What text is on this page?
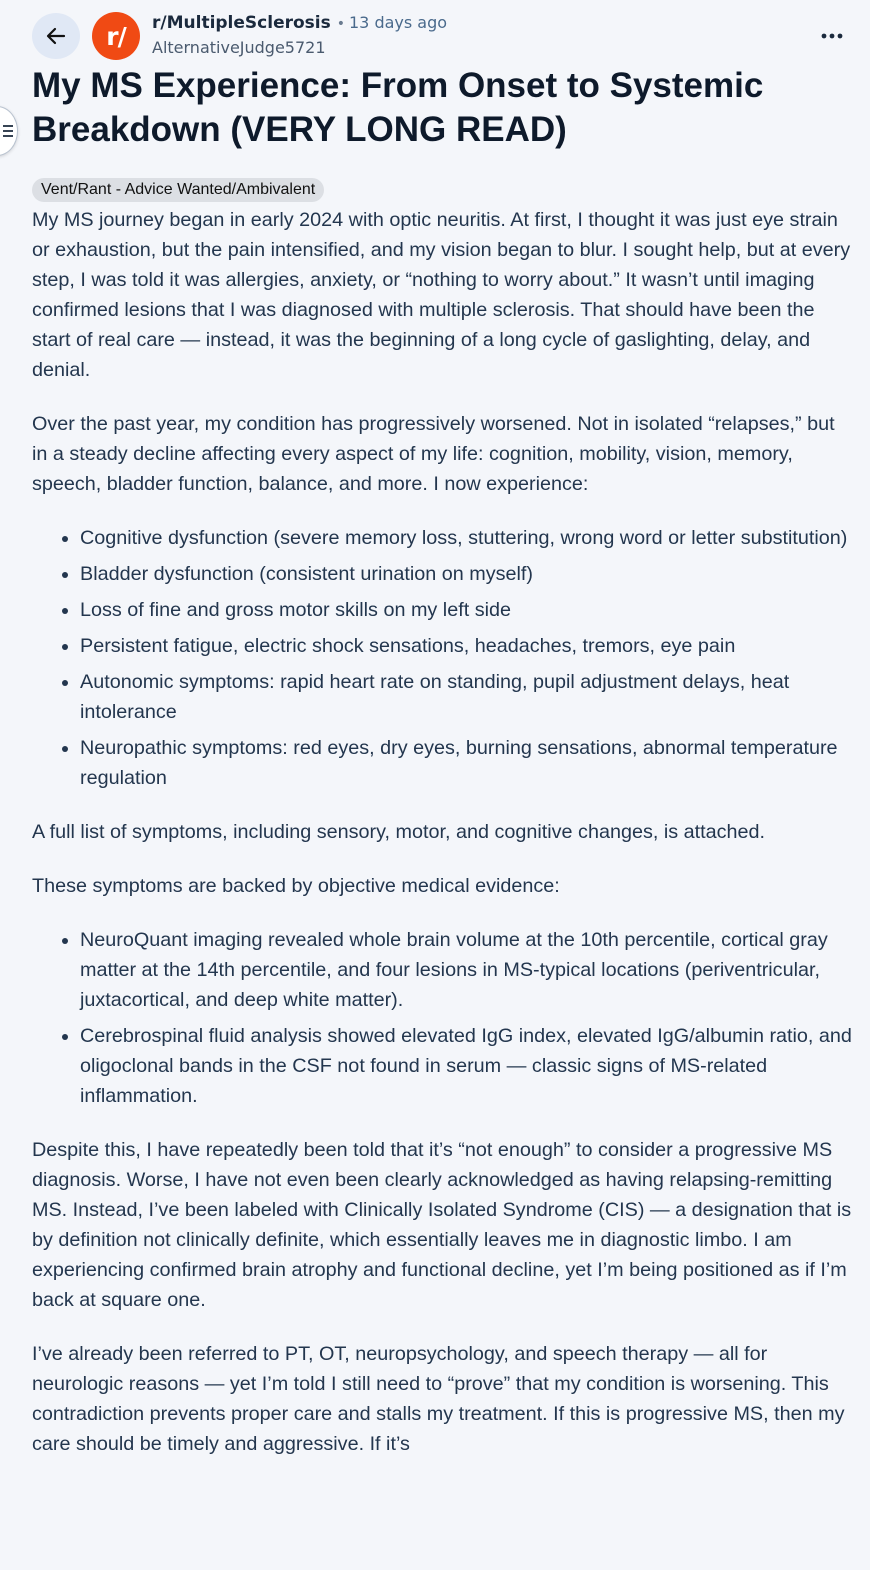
r/ r/MultipleSclerosis • 13 days ago
AlternativeJudge5721
My MS Experience: From Onset to Systemic Breakdown (VERY LONG READ)
Vent/Rant - Advice Wanted/Ambivalent

My MS journey began in early 2024 with optic neuritis. At first, I thought it was just eye strain or exhaustion, but the pain intensified, and my vision began to blur. I sought help, but at every step, I was told it was allergies, anxiety, or “nothing to worry about.” It wasn’t until imaging confirmed lesions that I was diagnosed with multiple sclerosis. That should have been the start of real care — instead, it was the beginning of a long cycle of gaslighting, delay, and denial.

Over the past year, my condition has progressively worsened. Not in isolated “relapses,” but in a steady decline affecting every aspect of my life: cognition, mobility, vision, memory, speech, bladder function, balance, and more. I now experience:

• Cognitive dysfunction (severe memory loss, stuttering, wrong word or letter substitution)
• Bladder dysfunction (consistent urination on myself)
• Loss of fine and gross motor skills on my left side
• Persistent fatigue, electric shock sensations, headaches, tremors, eye pain
• Autonomic symptoms: rapid heart rate on standing, pupil adjustment delays, heat intolerance
• Neuropathic symptoms: red eyes, dry eyes, burning sensations, abnormal temperature regulation

A full list of symptoms, including sensory, motor, and cognitive changes, is attached.

These symptoms are backed by objective medical evidence:

• NeuroQuant imaging revealed whole brain volume at the 10th percentile, cortical gray matter at the 14th percentile, and four lesions in MS-typical locations (periventricular, juxtacortical, and deep white matter).
• Cerebrospinal fluid analysis showed elevated IgG index, elevated IgG/albumin ratio, and oligoclonal bands in the CSF not found in serum — classic signs of MS-related inflammation.

Despite this, I have repeatedly been told that it’s “not enough” to consider a progressive MS diagnosis. Worse, I have not even been clearly acknowledged as having relapsing-remitting MS. Instead, I’ve been labeled with Clinically Isolated Syndrome (CIS) — a designation that is by definition not clinically definite, which essentially leaves me in diagnostic limbo. I am experiencing confirmed brain atrophy and functional decline, yet I’m being positioned as if I’m back at square one.

I’ve already been referred to PT, OT, neuropsychology, and speech therapy — all for neurologic reasons — yet I’m told I still need to “prove” that my condition is worsening. This contradiction prevents proper care and stalls my treatment. If this is progressive MS, then my care should be timely and aggressive. If it’s
